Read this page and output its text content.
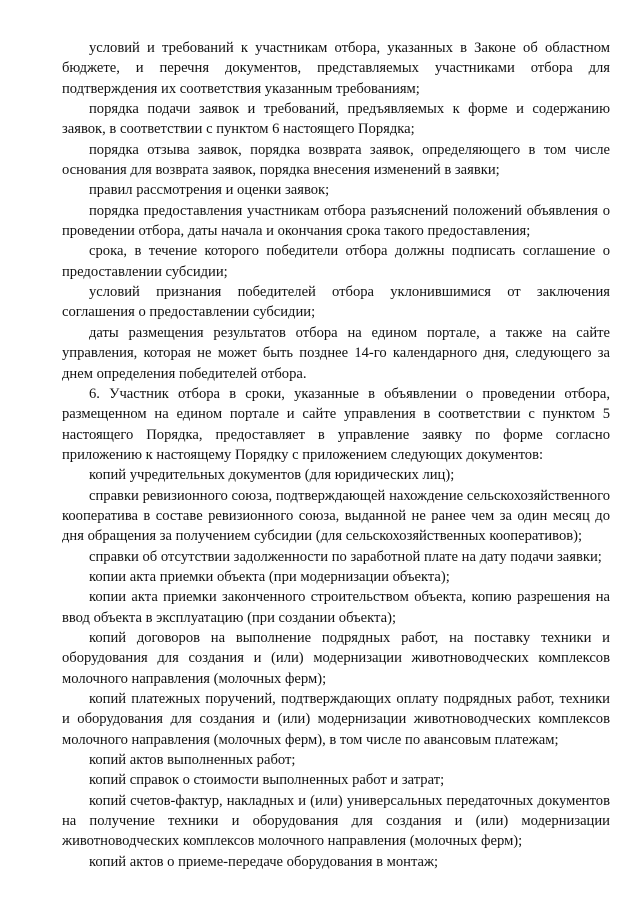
условий и требований к участникам отбора, указанных в Законе об областном бюджете, и перечня документов, представляемых участниками отбора для подтверждения их соответствия указанным требованиям;

порядка подачи заявок и требований, предъявляемых к форме и содержанию заявок, в соответствии с пунктом 6 настоящего Порядка;

порядка отзыва заявок, порядка возврата заявок, определяющего в том числе основания для возврата заявок, порядка внесения изменений в заявки;

правил рассмотрения и оценки заявок;

порядка предоставления участникам отбора разъяснений положений объявления о проведении отбора, даты начала и окончания срока такого предоставления;

срока, в течение которого победители отбора должны подписать соглашение о предоставлении субсидии;

условий признания победителей отбора уклонившимися от заключения соглашения о предоставлении субсидии;

даты размещения результатов отбора на едином портале, а также на сайте управления, которая не может быть позднее 14-го календарного дня, следующего за днем определения победителей отбора.

6. Участник отбора в сроки, указанные в объявлении о проведении отбора, размещенном на едином портале и сайте управления в соответствии с пунктом 5 настоящего Порядка, предоставляет в управление заявку по форме согласно приложению к настоящему Порядку с приложением следующих документов:

копий учредительных документов (для юридических лиц);

справки ревизионного союза, подтверждающей нахождение сельскохозяйственного кооператива в составе ревизионного союза, выданной не ранее чем за один месяц до дня обращения за получением субсидии (для сельскохозяйственных кооперативов);

справки об отсутствии задолженности по заработной плате на дату подачи заявки;

копии акта приемки объекта (при модернизации объекта);

копии акта приемки законченного строительством объекта, копию разрешения на ввод объекта в эксплуатацию (при создании объекта);

копий договоров на выполнение подрядных работ, на поставку техники и оборудования для создания и (или) модернизации животноводческих комплексов молочного направления (молочных ферм);

копий платежных поручений, подтверждающих оплату подрядных работ, техники и оборудования для создания и (или) модернизации животноводческих комплексов молочного направления (молочных ферм), в том числе по авансовым платежам;

копий актов выполненных работ;

копий справок о стоимости выполненных работ и затрат;

копий счетов-фактур, накладных и (или) универсальных передаточных документов на получение техники и оборудования для создания и (или) модернизации животноводческих комплексов молочного направления (молочных ферм);

копий актов о приеме-передаче оборудования в монтаж;
